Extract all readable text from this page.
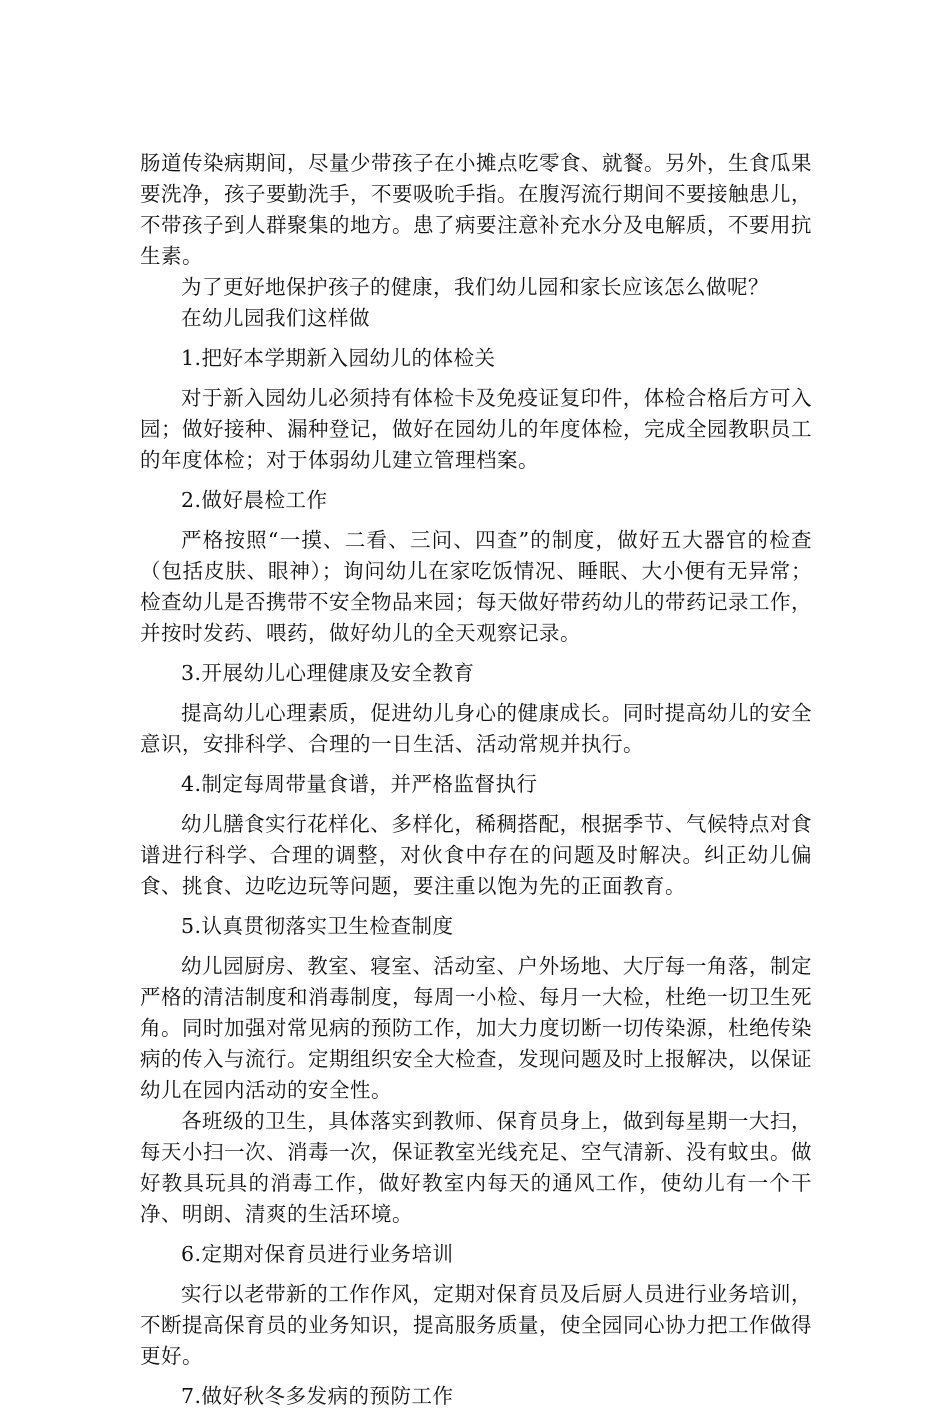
肠道传染病期间，尽量少带孩子在小摊点吃零食、就餐。另外，生食瓜果要洗净，孩子要勤洗手，不要吸吮手指。在腹泻流行期间不要接触患儿，不带孩子到人群聚集的地方。患了病要注意补充水分及电解质，不要用抗生素。

为了更好地保护孩子的健康，我们幼儿园和家长应该怎么做呢？

在幼儿园我们这样做

1.把好本学期新入园幼儿的体检关

对于新入园幼儿必须持有体检卡及免疫证复印件，体检合格后方可入园；做好接种、漏种登记，做好在园幼儿的年度体检，完成全园教职员工的年度体检；对于体弱幼儿建立管理档案。

2.做好晨检工作

严格按照“一摸、二看、三问、四查”的制度，做好五大器官的检查（包括皮肤、眼神）；询问幼儿在家吃饭情况、睡眠、大小便有无异常；检查幼儿是否携带不安全物品来园；每天做好带药幼儿的带药记录工作，并按时发药、喂药，做好幼儿的全天观察记录。

3.开展幼儿心理健康及安全教育

提高幼儿心理素质，促进幼儿身心的健康成长。同时提高幼儿的安全意识，安排科学、合理的一日生活、活动常规并执行。

4.制定每周带量食谱，并严格监督执行

幼儿膳食实行花样化、多样化，稀稠搭配，根据季节、气候特点对食谱进行科学、合理的调整，对伙食中存在的问题及时解决。纠正幼儿偏食、挑食、边吃边玩等问题，要注重以饱为先的正面教育。

5.认真贯彻落实卫生检查制度

幼儿园厨房、教室、寝室、活动室、户外场地、大厅每一角落，制定严格的清洁制度和消毒制度，每周一小检、每月一大检，杜绝一切卫生死角。同时加强对常见病的预防工作，加大力度切断一切传染源，杜绝传染病的传入与流行。定期组织安全大检查，发现问题及时上报解决，以保证幼儿在园内活动的安全性。

各班级的卫生，具体落实到教师、保育员身上，做到每星期一大扫，每天小扫一次、消毒一次，保证教室光线充足、空气清新、没有蚊虫。做好教具玩具的消毒工作，做好教室内每天的通风工作，使幼儿有一个干净、明朗、清爽的生活环境。

6.定期对保育员进行业务培训

实行以老带新的工作作风，定期对保育员及后厨人员进行业务培训，不断提高保育员的业务知识，提高服务质量，使全园同心协力把工作做得更好。

7.做好秋冬多发病的预防工作
